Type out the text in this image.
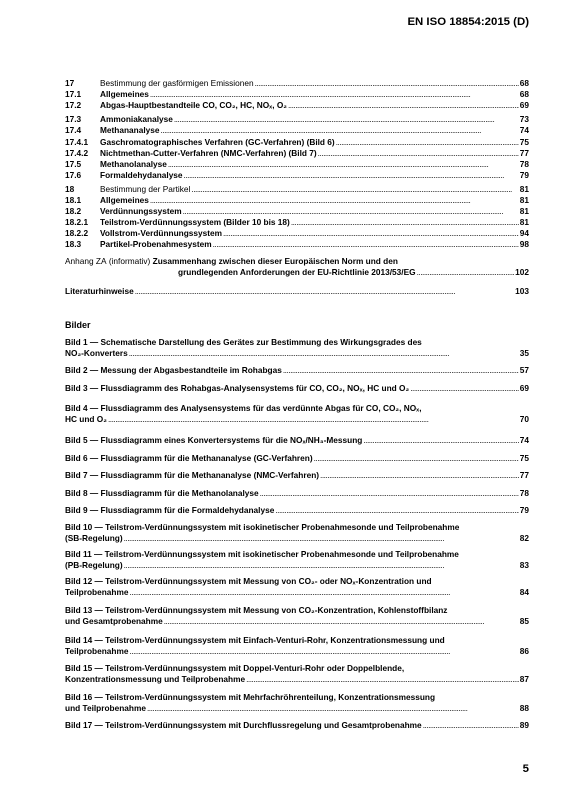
EN ISO 18854:2015 (D)
17	Bestimmung der gasförmigen Emissionen . . .	68
17.1 Allgemeines . . .	68
17.2 Abgas-Hauptbestandteile CO, CO₂, HC, NOₓ, O₂ . . .	69
17.3 Ammoniakanalyse . . .	73
17.4 Methananalyse . . .	74
17.4.1 Gaschromatographisches Verfahren (GC-Verfahren) (Bild 6) . . .	75
17.4.2 Nichtmethan-Cutter-Verfahren (NMC-Verfahren) (Bild 7) . . .	77
17.5 Methanolanalyse . . .	78
17.6 Formaldehydanalyse . . .	79
18	Bestimmung der Partikel . . .	81
18.1 Allgemeines . . .	81
18.2 Verdünnungssystem . . .	81
18.2.1 Teilstrom-Verdünnungssystem (Bilder 10 bis 18) . . .	81
18.2.2 Vollstrom-Verdünnungssystem . . .	94
18.3 Partikel-Probenahmesystem . . .	98
Anhang ZA (informativ) Zusammenhang zwischen dieser Europäischen Norm und den
grundlegenden Anforderungen der EU-Richtlinie 2013/53/EG . . .	102
Literaturhinweise . . .	103
Bilder
Bild 1 — Schematische Darstellung des Gerätes zur Bestimmung des Wirkungsgrades des
NO₂-Konverters . . .	35
Bild 2 — Messung der Abgasbestandteile im Rohabgas . . .	57
Bild 3 — Flussdiagramm des Rohabgas-Analysensystems für CO, CO₂, NOₓ, HC und O₂ . . .	69
Bild 4 — Flussdiagramm des Analysensystems für das verdünnte Abgas für CO, CO₂, NOₓ,
HC und O₂ . . .	70
Bild 5 — Flussdiagramm eines Konvertersystems für die NOₓ/NH₃-Messung . . .	74
Bild 6 — Flussdiagramm für die Methananalyse (GC-Verfahren) . . .	75
Bild 7 — Flussdiagramm für die Methananalyse (NMC-Verfahren) . . .	77
Bild 8 — Flussdiagramm für die Methanolanalyse . . .	78
Bild 9 — Flussdiagramm für die Formaldehydanalyse . . .	79
Bild 10 — Teilstrom-Verdünnungssystem mit isokinetischer Probenahmesonde und Teilprobenahme
(SB-Regelung) . . .	82
Bild 11 — Teilstrom-Verdünnungssystem mit isokinetischer Probenahmesonde und Teilprobenahme
(PB-Regelung) . . .	83
Bild 12 — Teilstrom-Verdünnungssystem mit Messung von CO₂- oder NOₓ-Konzentration und
Teilprobenahme . . .	84
Bild 13 — Teilstrom-Verdünnungssystem mit Messung von CO₂-Konzentration, Kohlenstoffbilanz
und Gesamtprobenahme . . .	85
Bild 14 — Teilstrom-Verdünnungssystem mit Einfach-Venturi-Rohr, Konzentrationsmessung und
Teilprobenahme . . .	86
Bild 15 — Teilstrom-Verdünnungssystem mit Doppel-Venturi-Rohr oder Doppelblende,
Konzentrationsmessung und Teilprobenahme . . .	87
Bild 16 — Teilstrom-Verdünnungssystem mit Mehrfachröhrenteilung, Konzentrationsmessung
und Teilprobenahme . . .	88
Bild 17 — Teilstrom-Verdünnungssystem mit Durchflussregelung und Gesamtprobenahme . . .	89
5
